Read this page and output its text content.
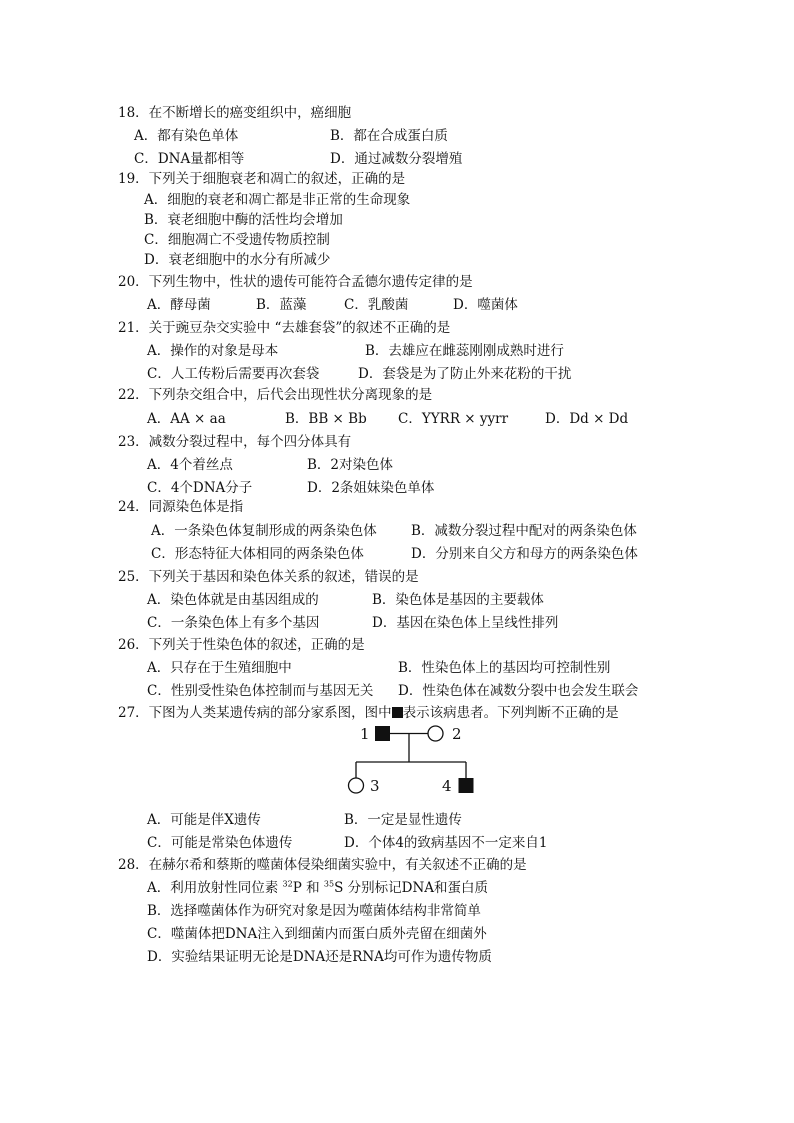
18．在不断增长的癌变组织中，癌细胞
A．都有染色单体	B．都在合成蛋白质
C．DNA量都相等	D．通过减数分裂增殖
19．下列关于细胞衰老和凋亡的叙述，正确的是
A．细胞的衰老和凋亡都是非正常的生命现象
B．衰老细胞中酶的活性均会增加
C．细胞凋亡不受遗传物质控制
D．衰老细胞中的水分有所减少
20．下列生物中，性状的遗传可能符合孟德尔遗传定律的是
A．酵母菌	B．蓝藻	C．乳酸菌	D．噬菌体
21．关于豌豆杂交实验中 “去雄套袋”的叙述不正确的是
A．操作的对象是母本	B．去雄应在雌蕊刚刚成熟时进行
C．人工传粉后需要再次套袋	D．套袋是为了防止外来花粉的干扰
22．下列杂交组合中，后代会出现性状分离现象的是
A．AA × aa	B．BB × Bb C．YYRR × yyrr	D．Dd × Dd
23．减数分裂过程中，每个四分体具有
A．4个着丝点	B．2对染色体
C．4个DNA分子	D．2条姐妹染色单体
24．同源染色体是指
A．一条染色体复制形成的两条染色体	B．减数分裂过程中配对的两条染色体
C．形态特征大体相同的两条染色体	D．分别来自父方和母方的两条染色体
25．下列关于基因和染色体关系的叙述，错误的是
A．染色体就是由基因组成的	B．染色体是基因的主要载体
C．一条染色体上有多个基因	D．基因在染色体上呈线性排列
26．下列关于性染色体的叙述，正确的是
A．只存在于生殖细胞中	B．性染色体上的基因均可控制性别
C．性别受性染色体控制而与基因无关 D．性染色体在减数分裂中也会发生联会
27．下图为人类某遗传病的部分家系图，图中 表示该病患者。下列判断不正确的是
1	2
3	4
A．可能是伴X遗传	B．一定是显性遗传
C．可能是常染色体遗传	D．个体4的致病基因不一定来自1
28．在赫尔希和蔡斯的噬菌体侵染细菌实验中，有关叙述不正确的是
A．利用放射性同位素 $^{32}$P 和 $^{35}$S 分别标记DNA和蛋白质
B．选择噬菌体作为研究对象是因为噬菌体结构非常简单
C．噬菌体把DNA注入到细菌内而蛋白质外壳留在细菌外
D．实验结果证明无论是DNA还是RNA均可作为遗传物质
